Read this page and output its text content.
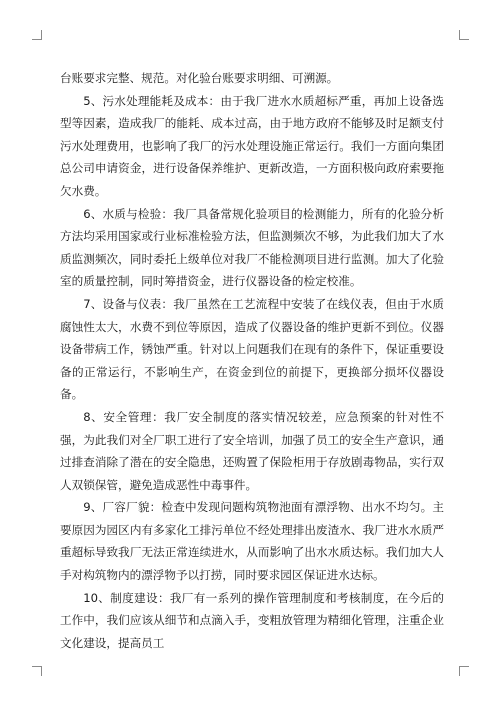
台账要求完整、规范。对化验台账要求明细、可溯源。

5、污水处理能耗及成本：由于我厂进水水质超标严重，再加上设备选型等因素，造成我厂的能耗、成本过高，由于地方政府不能够及时足额支付污水处理费用，也影响了我厂的污水处理设施正常运行。我们一方面向集团总公司申请资金，进行设备保养维护、更新改造，一方面积极向政府索要拖欠水费。

6、水质与检验：我厂具备常规化验项目的检测能力，所有的化验分析方法均采用国家或行业标准检验方法，但监测频次不够，为此我们加大了水质监测频次，同时委托上级单位对我厂不能检测项目进行监测。加大了化验室的质量控制，同时筹措资金，进行仪器设备的检定校准。

7、设备与仪表：我厂虽然在工艺流程中安装了在线仪表，但由于水质腐蚀性太大，水费不到位等原因，造成了仪器设备的维护更新不到位。仪器设备带病工作，锈蚀严重。针对以上问题我们在现有的条件下，保证重要设备的正常运行，不影响生产，在资金到位的前提下，更换部分损坏仪器设备。

8、安全管理：我厂安全制度的落实情况较差，应急预案的针对性不强，为此我们对全厂职工进行了安全培训，加强了员工的安全生产意识，通过排查消除了潜在的安全隐患，还购置了保险柜用于存放剧毒物品，实行双人双锁保管，避免造成恶性中毒事件。

9、厂容厂貌：检查中发现问题构筑物池面有漂浮物、出水不均匀。主要原因为园区内有多家化工排污单位不经处理排出废渣水、我厂进水水质严重超标导致我厂无法正常连续进水，从而影响了出水水质达标。我们加大人手对构筑物内的漂浮物予以打捞，同时要求园区保证进水达标。

10、制度建设：我厂有一系列的操作管理制度和考核制度，在今后的工作中，我们应该从细节和点滴入手，变粗放管理为精细化管理，注重企业文化建设，提高员工
